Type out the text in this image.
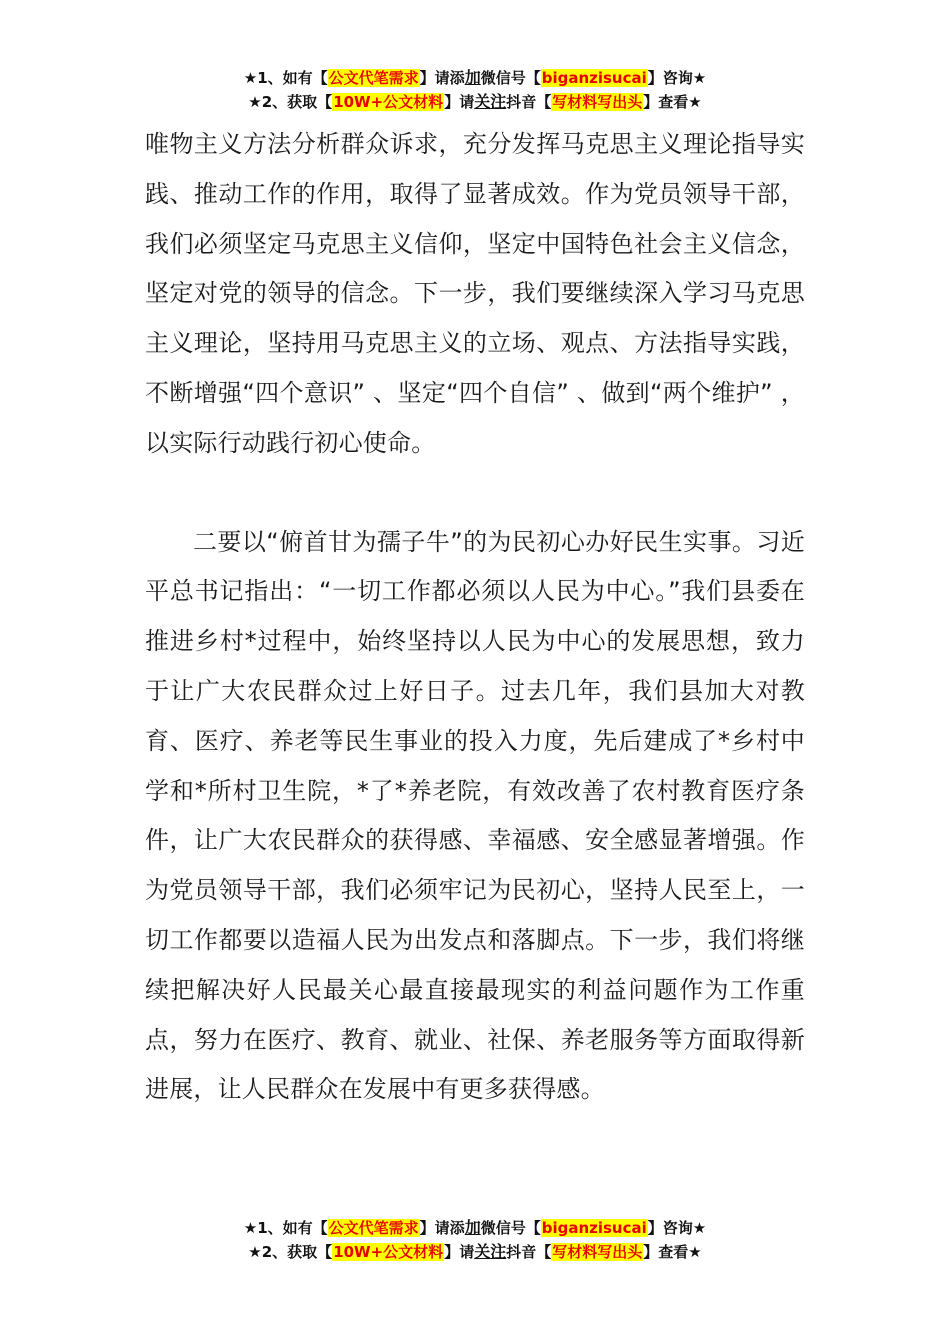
★1、如有【公文代笔需求】请添加微信号【biganzisucai】咨询★
★2、获取【10W+公文材料】请关注抖音【写材料写出头】查看★

唯物主义方法分析群众诉求，充分发挥马克思主义理论指导实践、推动工作的作用，取得了显著成效。作为党员领导干部，我们必须坚定马克思主义信仰，坚定中国特色社会主义信念，坚定对党的领导的信念。下一步，我们要继续深入学习马克思主义理论，坚持用马克思主义的立场、观点、方法指导实践，不断增强“四个意识” 、坚定“四个自信” 、做到“两个维护” ，以实际行动践行初心使命。

二要以“俯首甘为孺子牛”的为民初心办好民生实事。习近平总书记指出：“一切工作都必须以人民为中心。”我们县委在推进乡村*过程中，始终坚持以人民为中心的发展思想，致力于让广大农民群众过上好日子。过去几年，我们县加大对教育、医疗、养老等民生事业的投入力度，先后建成了*乡村中学和*所村卫生院，*了*养老院，有效改善了农村教育医疗条件，让广大农民群众的获得感、幸福感、安全感显著增强。作为党员领导干部，我们必须牢记为民初心，坚持人民至上，一切工作都要以造福人民为出发点和落脚点。下一步，我们将继续把解决好人民最关心最直接最现实的利益问题作为工作重点，努力在医疗、教育、就业、社保、养老服务等方面取得新进展，让人民群众在发展中有更多获得感。

★1、如有【公文代笔需求】请添加微信号【biganzisucai】咨询★
★2、获取【10W+公文材料】请关注抖音【写材料写出头】查看★
